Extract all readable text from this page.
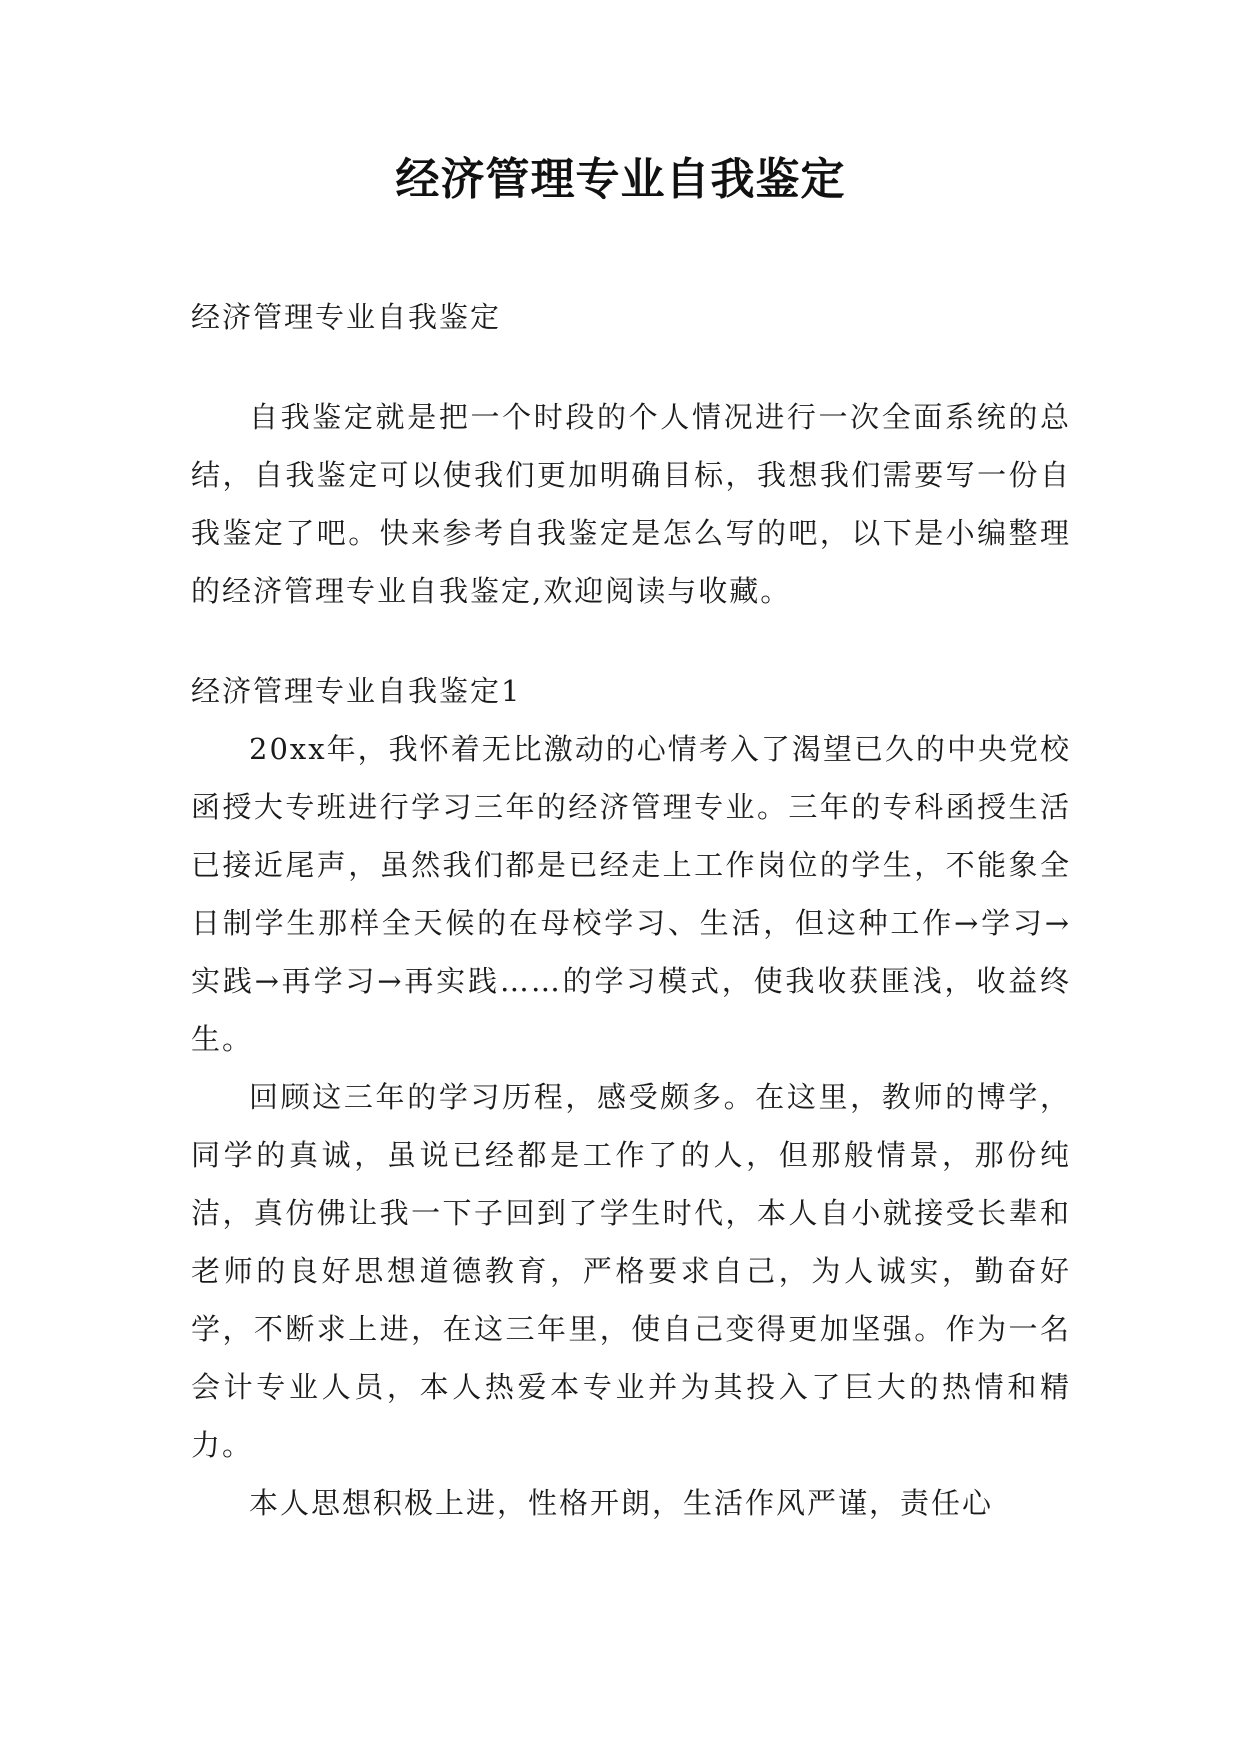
经济管理专业自我鉴定

经济管理专业自我鉴定

自我鉴定就是把一个时段的个人情况进行一次全面系统的总结，自我鉴定可以使我们更加明确目标，我想我们需要写一份自我鉴定了吧。快来参考自我鉴定是怎么写的吧，以下是小编整理的经济管理专业自我鉴定,欢迎阅读与收藏。

经济管理专业自我鉴定1

20xx年，我怀着无比激动的心情考入了渴望已久的中央党校函授大专班进行学习三年的经济管理专业。三年的专科函授生活已接近尾声，虽然我们都是已经走上工作岗位的学生，不能象全日制学生那样全天候的在母校学习、生活，但这种工作→学习→实践→再学习→再实践……的学习模式，使我收获匪浅，收益终生。

回顾这三年的学习历程，感受颇多。在这里，教师的博学，同学的真诚，虽说已经都是工作了的人，但那般情景，那份纯洁，真仿佛让我一下子回到了学生时代，本人自小就接受长辈和老师的良好思想道德教育，严格要求自己，为人诚实，勤奋好学，不断求上进，在这三年里，使自己变得更加坚强。作为一名会计专业人员，本人热爱本专业并为其投入了巨大的热情和精力。

本人思想积极上进，性格开朗，生活作风严谨，责任心
